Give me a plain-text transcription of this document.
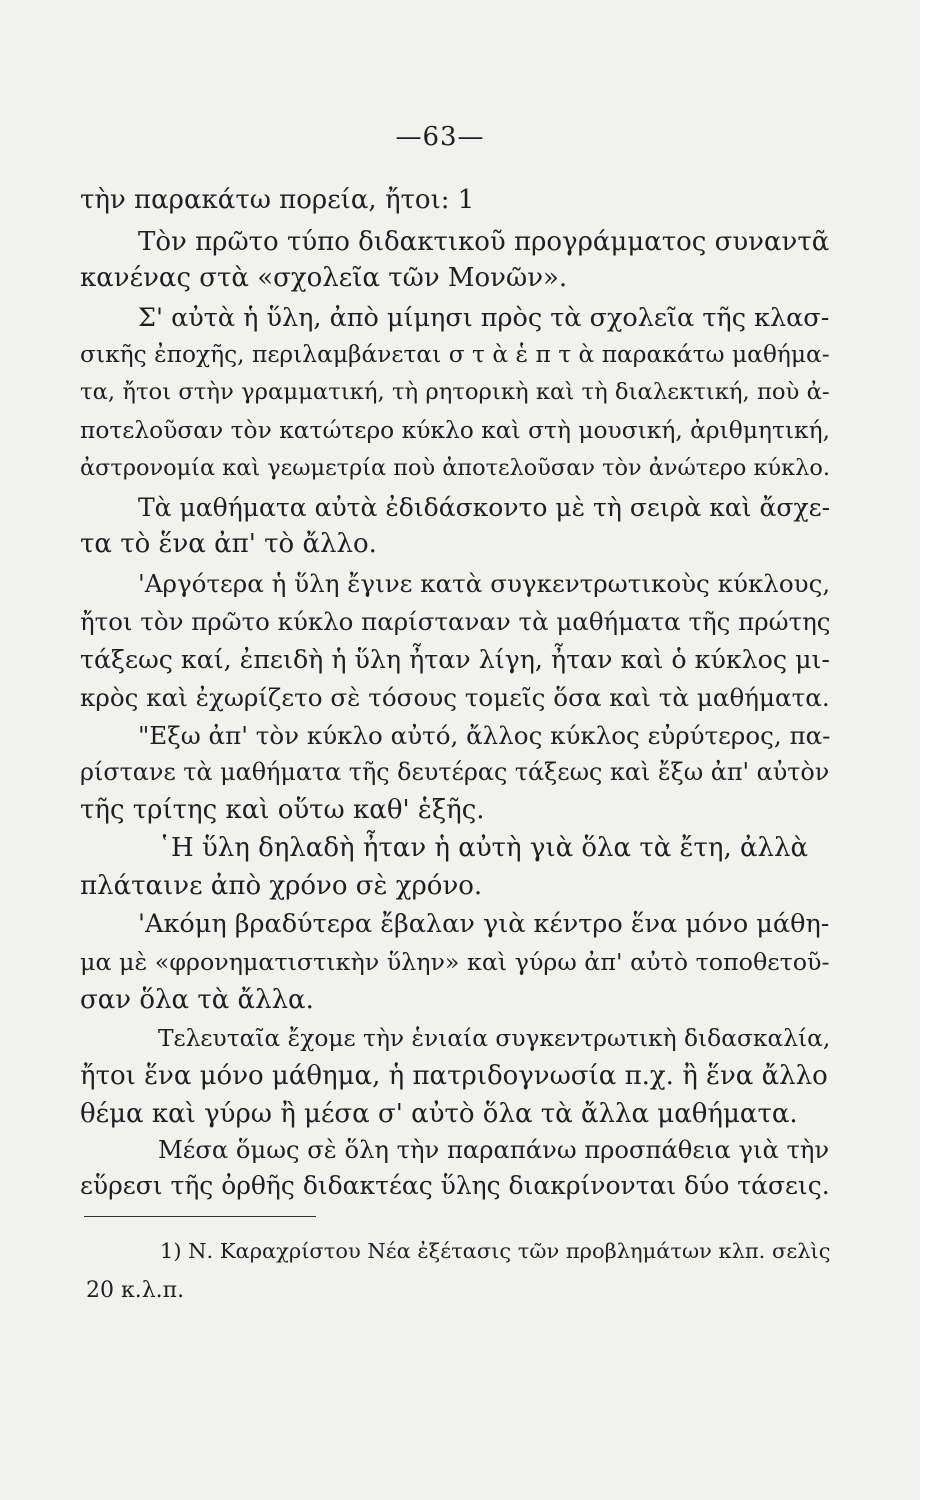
—63—

τὴν παρακάτω πορεία, ἤτοι: 1

Τὸν πρῶτο τύπο διδακτικοῦ προγράμματος συναντᾶ

κανένας στὰ «σχολεῖα τῶν Μονῶν».

Σ' αὐτὰ ἡ ὕλη, ἀπὸ μίμησι πρὸς τὰ σχολεῖα τῆς κλασ-

σικῆς ἐποχῆς, περιλαμβάνεται σ τ ὰ ἑ π τ ὰ παρακάτω μαθήμα-

τα, ἤτοι στὴν γραμματική, τὴ ρητορικὴ καὶ τὴ διαλεκτική, ποὺ ἀ-

ποτελοῦσαν τὸν κατώτερο κύκλο καὶ στὴ μουσική, ἀριθμητική,

ἀστρονομία καὶ γεωμετρία ποὺ ἀποτελοῦσαν τὸν ἀνώτερο κύκλο.

Τὰ μαθήματα αὐτὰ ἐδιδάσκοντο μὲ τὴ σειρὰ καὶ ἄσχε-

τα τὸ ἕνα ἀπ' τὸ ἄλλο.

'Αργότερα ἡ ὕλη ἔγινε κατὰ συγκεντρωτικοὺς κύκλους,

ἤτοι τὸν πρῶτο κύκλο παρίσταναν τὰ μαθήματα τῆς πρώτης

τάξεως καί, ἐπειδὴ ἡ ὕλη ἦταν λίγη, ἦταν καὶ ὁ κύκλος μι-

κρὸς καὶ ἐχωρίζετο σὲ τόσους τομεῖς ὅσα καὶ τὰ μαθήματα.

"Εξω ἀπ' τὸν κύκλο αὐτό, ἄλλος κύκλος εὐρύτερος, πα-

ρίστανε τὰ μαθήματα τῆς δευτέρας τάξεως καὶ ἔξω ἀπ' αὐτὸν

τῆς τρίτης καὶ οὕτω καθ' ἑξῆς.

῾Η ὕλη δηλαδὴ ἦταν ἡ αὐτὴ γιὰ ὅλα τὰ ἔτη, ἀλλὰ

πλάταινε ἀπὸ χρόνο σὲ χρόνο.

'Ακόμη βραδύτερα ἔβαλαν γιὰ κέντρο ἕνα μόνο μάθη-

μα μὲ «φρονηματιστικὴν ὕλην» καὶ γύρω ἀπ' αὐτὸ τοποθετοῦ-

σαν ὅλα τὰ ἄλλα.

Τελευταῖα ἔχομε τὴν ἑνιαία συγκεντρωτικὴ διδασκαλία,

ἤτοι ἕνα μόνο μάθημα, ἡ πατριδογνωσία π.χ. ἢ ἕνα ἄλλο

θέμα καὶ γύρω ἢ μέσα σ' αὐτὸ ὅλα τὰ ἄλλα μαθήματα.

Μέσα ὅμως σὲ ὅλη τὴν παραπάνω προσπάθεια γιὰ τὴν

εὕρεσι τῆς ὀρθῆς διδακτέας ὕλης διακρίνονται δύο τάσεις.

1) Ν. Καραχρίστου Νέα ἐξέτασις τῶν προβλημάτων κλπ. σελὶς
20 κ.λ.π.
